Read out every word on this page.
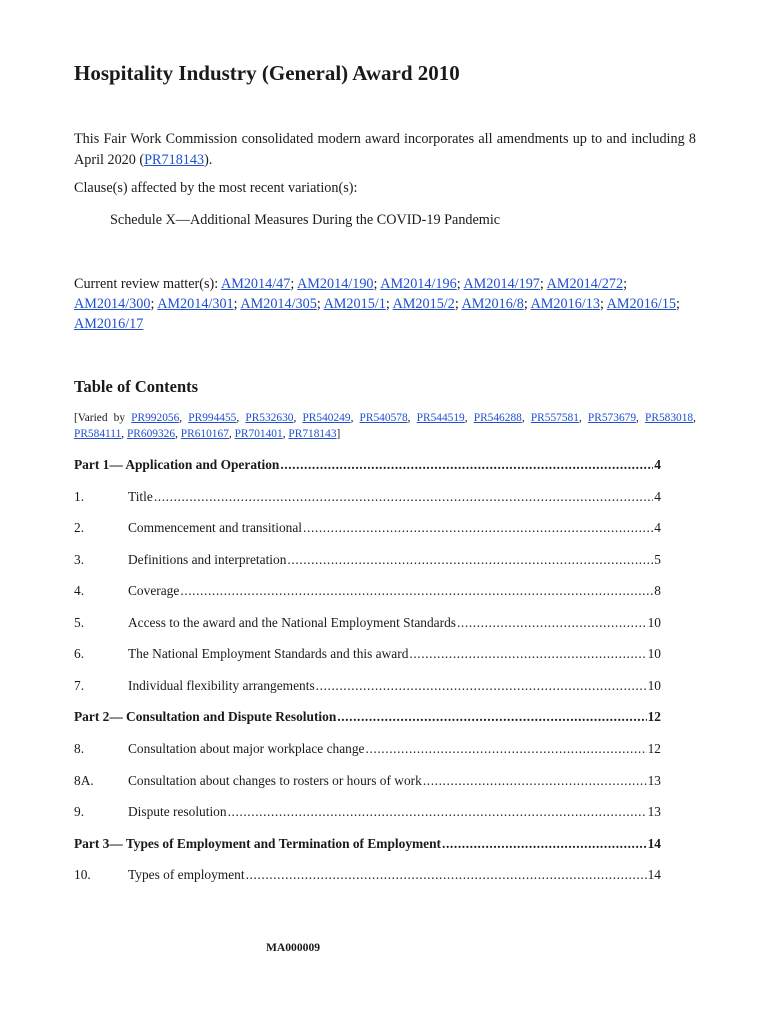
Hospitality Industry (General) Award 2010
This Fair Work Commission consolidated modern award incorporates all amendments up to and including 8 April 2020 (PR718143).
Clause(s) affected by the most recent variation(s):
Schedule X—Additional Measures During the COVID-19 Pandemic
Current review matter(s): AM2014/47; AM2014/190; AM2014/196; AM2014/197; AM2014/272; AM2014/300; AM2014/301; AM2014/305; AM2015/1; AM2015/2; AM2016/8; AM2016/13; AM2016/15; AM2016/17
Table of Contents
[Varied by PR992056, PR994455, PR532630, PR540249, PR540578, PR544519, PR546288, PR557581, PR573679, PR583018, PR584111, PR609326, PR610167, PR701401, PR718143]
Part 1— Application and Operation .....	4
1.	Title .....	4
2.	Commencement and transitional .....	4
3.	Definitions and interpretation .....	5
4.	Coverage .....	8
5.	Access to the award and the National Employment Standards .....	10
6.	The National Employment Standards and this award .....	10
7.	Individual flexibility arrangements .....	10
Part 2— Consultation and Dispute Resolution .....	12
8.	Consultation about major workplace change .....	12
8A.	Consultation about changes to rosters or hours of work .....	13
9.	Dispute resolution .....	13
Part 3— Types of Employment and Termination of Employment .....	14
10.	Types of employment .....	14
MA000009
